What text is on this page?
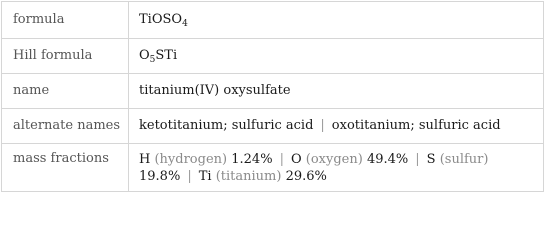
formula	TiOSO$_4$
Hill formula	$O_5STi$
name	titanium(IV) oxysulfate
alternate names	ketotitanium; sulfuric acid | oxotitanium; sulfuric acid
mass fractions	H (hydrogen) 1.24% | O (oxygen) 49.4% | S (sulfur)
19.8% | Ti (titanium) 29.6%
